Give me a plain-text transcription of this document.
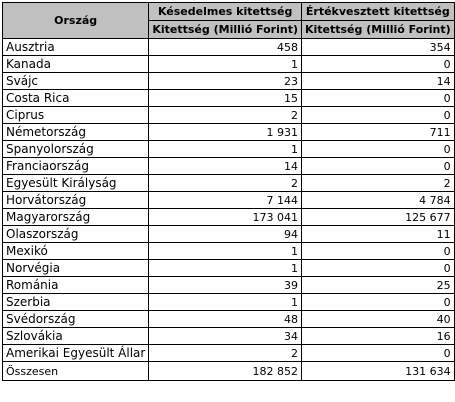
Ország	Késedelmes kitettség	Értékvesztett kitettség
	Kitettség (Millió Forint)	Kitettség (Millió Forint)
Ausztria	458	354
Kanada	1	0
Svájc	23	14
Costa Rica	15	0
Ciprus	2	0
Németország	1 931	711
Spanyolország	1	0
Franciaország	14	0
Egyesült Királyság	2	2
Horvátország	7 144	4 784
Magyarország	173 041	125 677
Olaszország	94	11
Mexikó	1	0
Norvégia	1	0
Románia	39	25
Szerbia	1	0
Svédország	48	40
Szlovákia	34	16
Amerikai Egyesült Állar	2	0
Összesen	182 852	131 634
